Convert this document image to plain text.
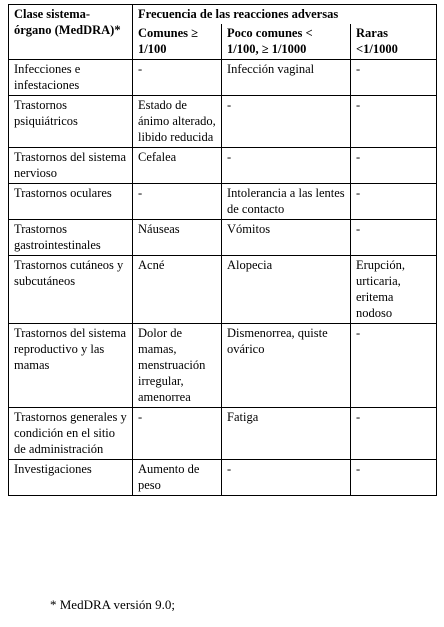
Clase sistema-órgano (MedDRA)*	Frecuencia de las reacciones adversas		
	Comunes ≥ 1/100	Poco comunes < 1/100, ≥ 1/1000	Raras <1/1000
Infecciones e infestaciones	-	Infección vaginal	-
Trastornos psiquiátricos	Estado de ánimo alterado, libido reducida	-	-
Trastornos del sistema nervioso	Cefalea	-	-
Trastornos oculares	-	Intolerancia a las lentes de contacto	-
Trastornos gastrointestinales	Náuseas	Vómitos	-
Trastornos cutáneos y subcutáneos	Acné	Alopecia	Erupción, urticaria, eritema nodoso
Trastornos del sistema reproductivo y las mamas	Dolor de mamas, menstruación irregular, amenorrea	Dismenorrea, quiste ovárico	-
Trastornos generales y condición en el sitio de administración	-	Fatiga	-
Investigaciones	Aumento de peso	-	-
* MedDRA versión 9.0;
